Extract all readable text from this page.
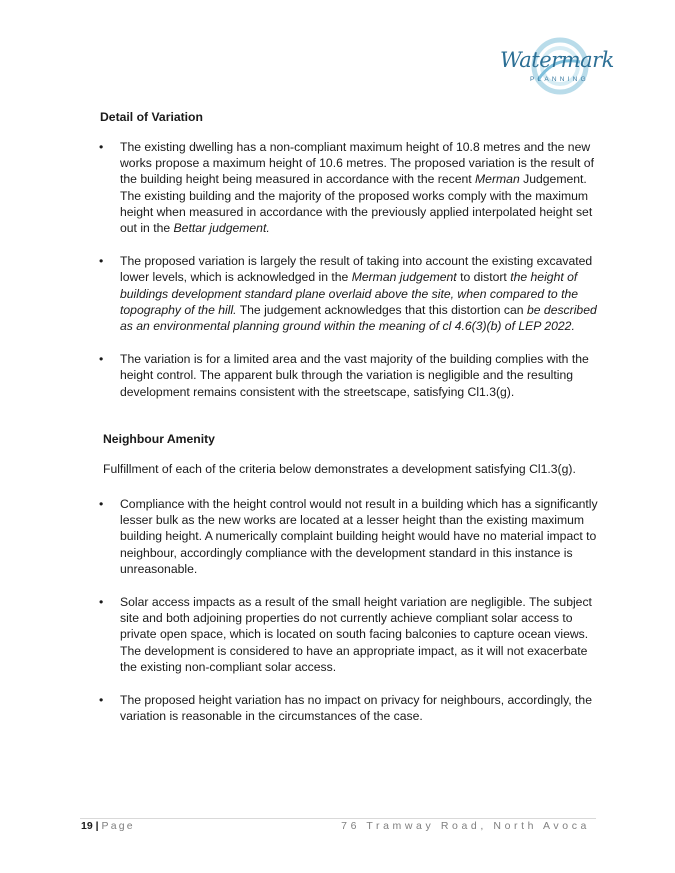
Watermark
PLANNING
Detail of Variation
• The existing dwelling has a non-compliant maximum height of 10.8 metres and the new works propose a maximum height of 10.6 metres. The proposed variation is the result of the building height being measured in accordance with the recent Merman Judgement. The existing building and the majority of the proposed works comply with the maximum height when measured in accordance with the previously applied interpolated height set out in the Bettar judgement.
• The proposed variation is largely the result of taking into account the existing excavated lower levels, which is acknowledged in the Merman judgement to distort the height of buildings development standard plane overlaid above the site, when compared to the topography of the hill. The judgement acknowledges that this distortion can be described as an environmental planning ground within the meaning of cl 4.6(3)(b) of LEP 2022.
• The variation is for a limited area and the vast majority of the building complies with the height control. The apparent bulk through the variation is negligible and the resulting development remains consistent with the streetscape, satisfying Cl1.3(g).
Neighbour Amenity
Fulfillment of each of the criteria below demonstrates a development satisfying Cl1.3(g).
• Compliance with the height control would not result in a building which has a significantly lesser bulk as the new works are located at a lesser height than the existing maximum building height. A numerically complaint building height would have no material impact to neighbour, accordingly compliance with the development standard in this instance is unreasonable.
• Solar access impacts as a result of the small height variation are negligible. The subject site and both adjoining properties do not currently achieve compliant solar access to private open space, which is located on south facing balconies to capture ocean views. The development is considered to have an appropriate impact, as it will not exacerbate the existing non-compliant solar access.
• The proposed height variation has no impact on privacy for neighbours, accordingly, the variation is reasonable in the circumstances of the case.
19 | Page	76 Tramway Road, North Avoca
